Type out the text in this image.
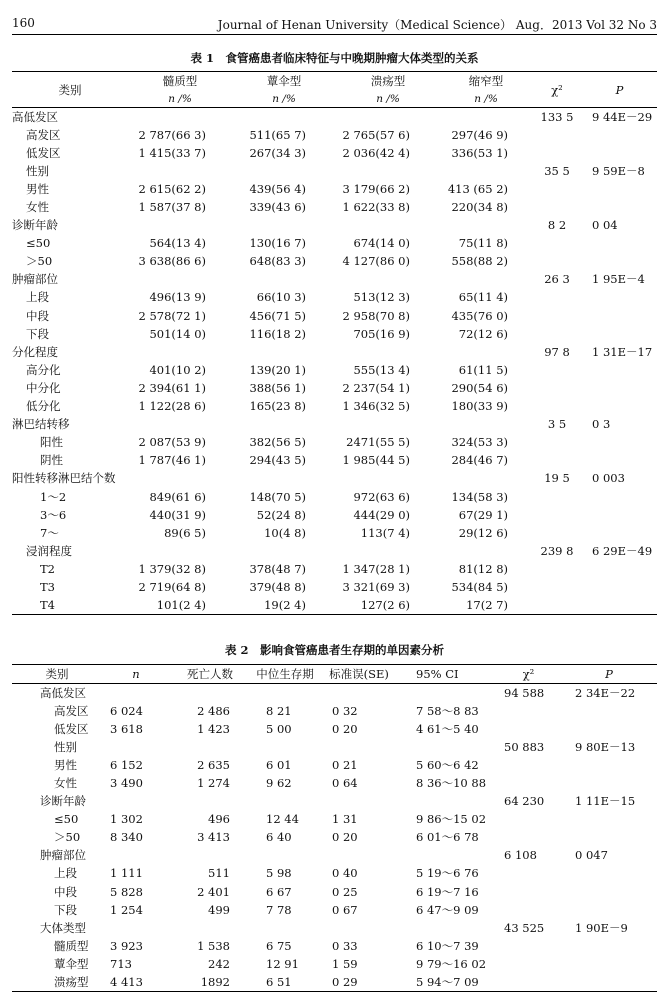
160	Journal of Henan University（Medical Science） Aug．2013 Vol 32 No 3
表 1　食管癌患者临床特征与中晚期肿瘤大体类型的关系
类别	髓质型	蕈伞型	溃疡型	缩窄型	χ²	P
	n /%	n /%	n /%	n /%		
高低发区					133 5	9 44E－29
高发区	2 787(66 3)	511(65 7)	2 765(57 6)	297(46 9)		
低发区	1 415(33 7)	267(34 3)	2 036(42 4)	336(53 1)		
性别					35 5	9 59E－8
男性	2 615(62 2)	439(56 4)	3 179(66 2)	413 (65 2)		
女性	1 587(37 8)	339(43 6)	1 622(33 8)	220(34 8)		
诊断年龄					8 2	0 04
≤50	564(13 4)	130(16 7)	674(14 0)	75(11 8)		
＞50	3 638(86 6)	648(83 3)	4 127(86 0)	558(88 2)		
肿瘤部位					26 3	1 95E－4
上段	496(13 9)	66(10 3)	513(12 3)	65(11 4)		
中段	2 578(72 1)	456(71 5)	2 958(70 8)	435(76 0)		
下段	501(14 0)	116(18 2)	705(16 9)	72(12 6)		
分化程度					97 8	1 31E－17
高分化	401(10 2)	139(20 1)	555(13 4)	61(11 5)		
中分化	2 394(61 1)	388(56 1)	2 237(54 1)	290(54 6)		
低分化	1 122(28 6)	165(23 8)	1 346(32 5)	180(33 9)		
淋巴结转移					3 5	0 3
阳性	2 087(53 9)	382(56 5)	2471(55 5)	324(53 3)		
阴性	1 787(46 1)	294(43 5)	1 985(44 5)	284(46 7)		
阳性转移淋巴结个数					19 5	0 003
1～2	849(61 6)	148(70 5)	972(63 6)	134(58 3)		
3～6	440(31 9)	52(24 8)	444(29 0)	67(29 1)		
7～	89(6 5)	10(4 8)	113(7 4)	29(12 6)		
浸润程度					239 8	6 29E－49
T2	1 379(32 8)	378(48 7)	1 347(28 1)	81(12 8)		
T3	2 719(64 8)	379(48 8)	3 321(69 3)	534(84 5)		
T4	101(2 4)	19(2 4)	127(2 6)	17(2 7)		
表 2　影响食管癌患者生存期的单因素分析
类别	n	死亡人数	中位生存期	标准误(SE)	95% CI	χ²	P
高低发区						94 588	2 34E－22
高发区	6 024	2 486	8 21	0 32	7 58～8 83		
低发区	3 618	1 423	5 00	0 20	4 61～5 40		
性别						50 883	9 80E－13
男性	6 152	2 635	6 01	0 21	5 60～6 42		
女性	3 490	1 274	9 62	0 64	8 36～10 88		
诊断年龄						64 230	1 11E－15
≤50	1 302	496	12 44	1 31	9 86～15 02		
＞50	8 340	3 413	6 40	0 20	6 01～6 78		
肿瘤部位						6 108	0 047
上段	1 111	511	5 98	0 40	5 19～6 76		
中段	5 828	2 401	6 67	0 25	6 19～7 16		
下段	1 254	499	7 78	0 67	6 47～9 09		
大体类型						43 525	1 90E－9
髓质型	3 923	1 538	6 75	0 33	6 10～7 39		
蕈伞型	713	242	12 91	1 59	9 79～16 02		
溃疡型	4 413	1892	6 51	0 29	5 94～7 09		
